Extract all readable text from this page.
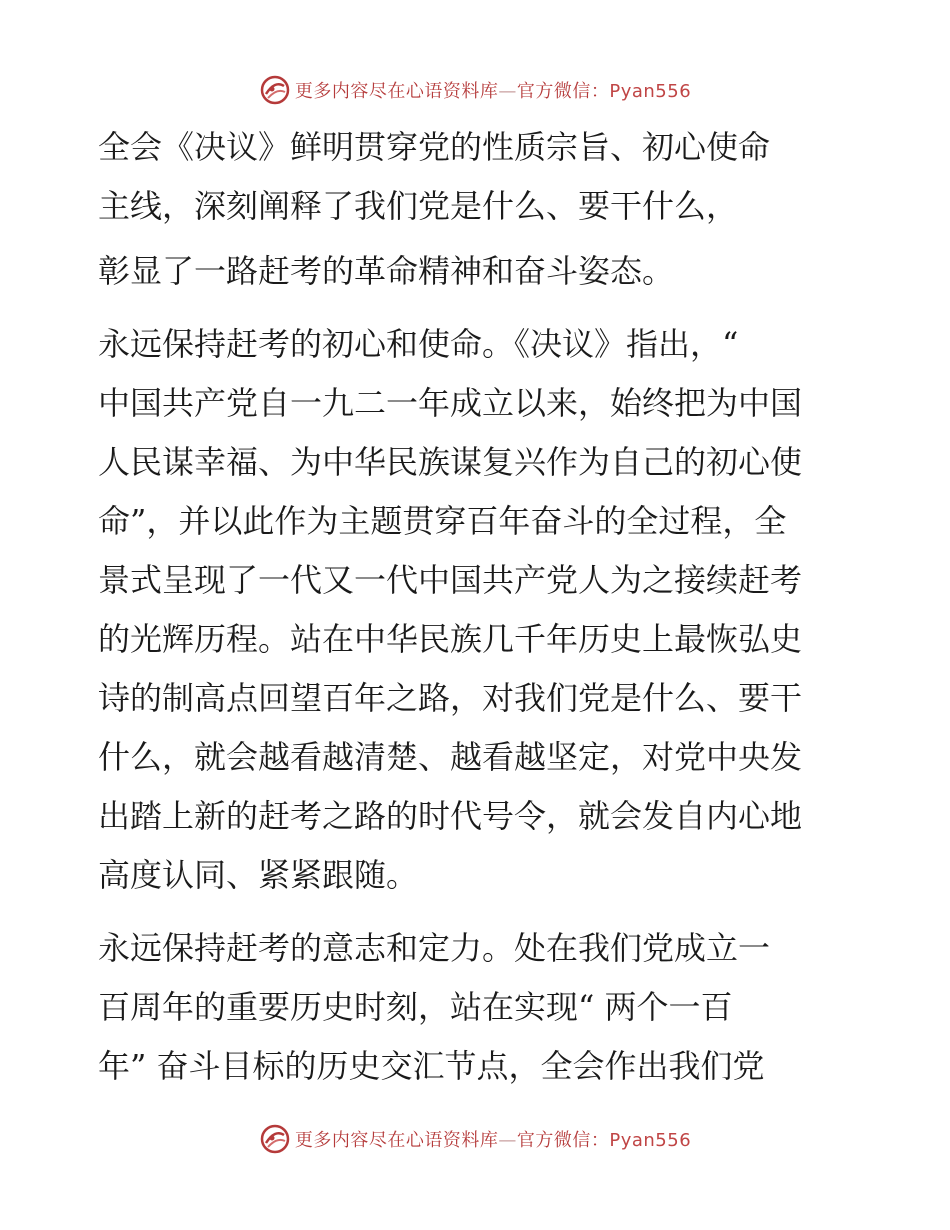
更多内容尽在心语资料库—官方微信：Pyan556

全会《决议》鲜明贯穿党的性质宗旨、初心使命
主线，深刻阐释了我们党是什么、要干什么，

彰显了一路赶考的革命精神和奋斗姿态。

永远保持赶考的初心和使命。《决议》指出，“
中国共产党自一九二一年成立以来，始终把为中国
人民谋幸福、为中华民族谋复兴作为自己的初心使
命”，并以此作为主题贯穿百年奋斗的全过程，全
景式呈现了一代又一代中国共产党人为之接续赶考
的光辉历程。站在中华民族几千年历史上最恢弘史
诗的制高点回望百年之路，对我们党是什么、要干
什么，就会越看越清楚、越看越坚定，对党中央发
出踏上新的赶考之路的时代号令，就会发自内心地
高度认同、紧紧跟随。

永远保持赶考的意志和定力。处在我们党成立一
百周年的重要历史时刻，站在实现“ 两个一百
年” 奋斗目标的历史交汇节点，全会作出我们党

更多内容尽在心语资料库—官方微信：Pyan556
